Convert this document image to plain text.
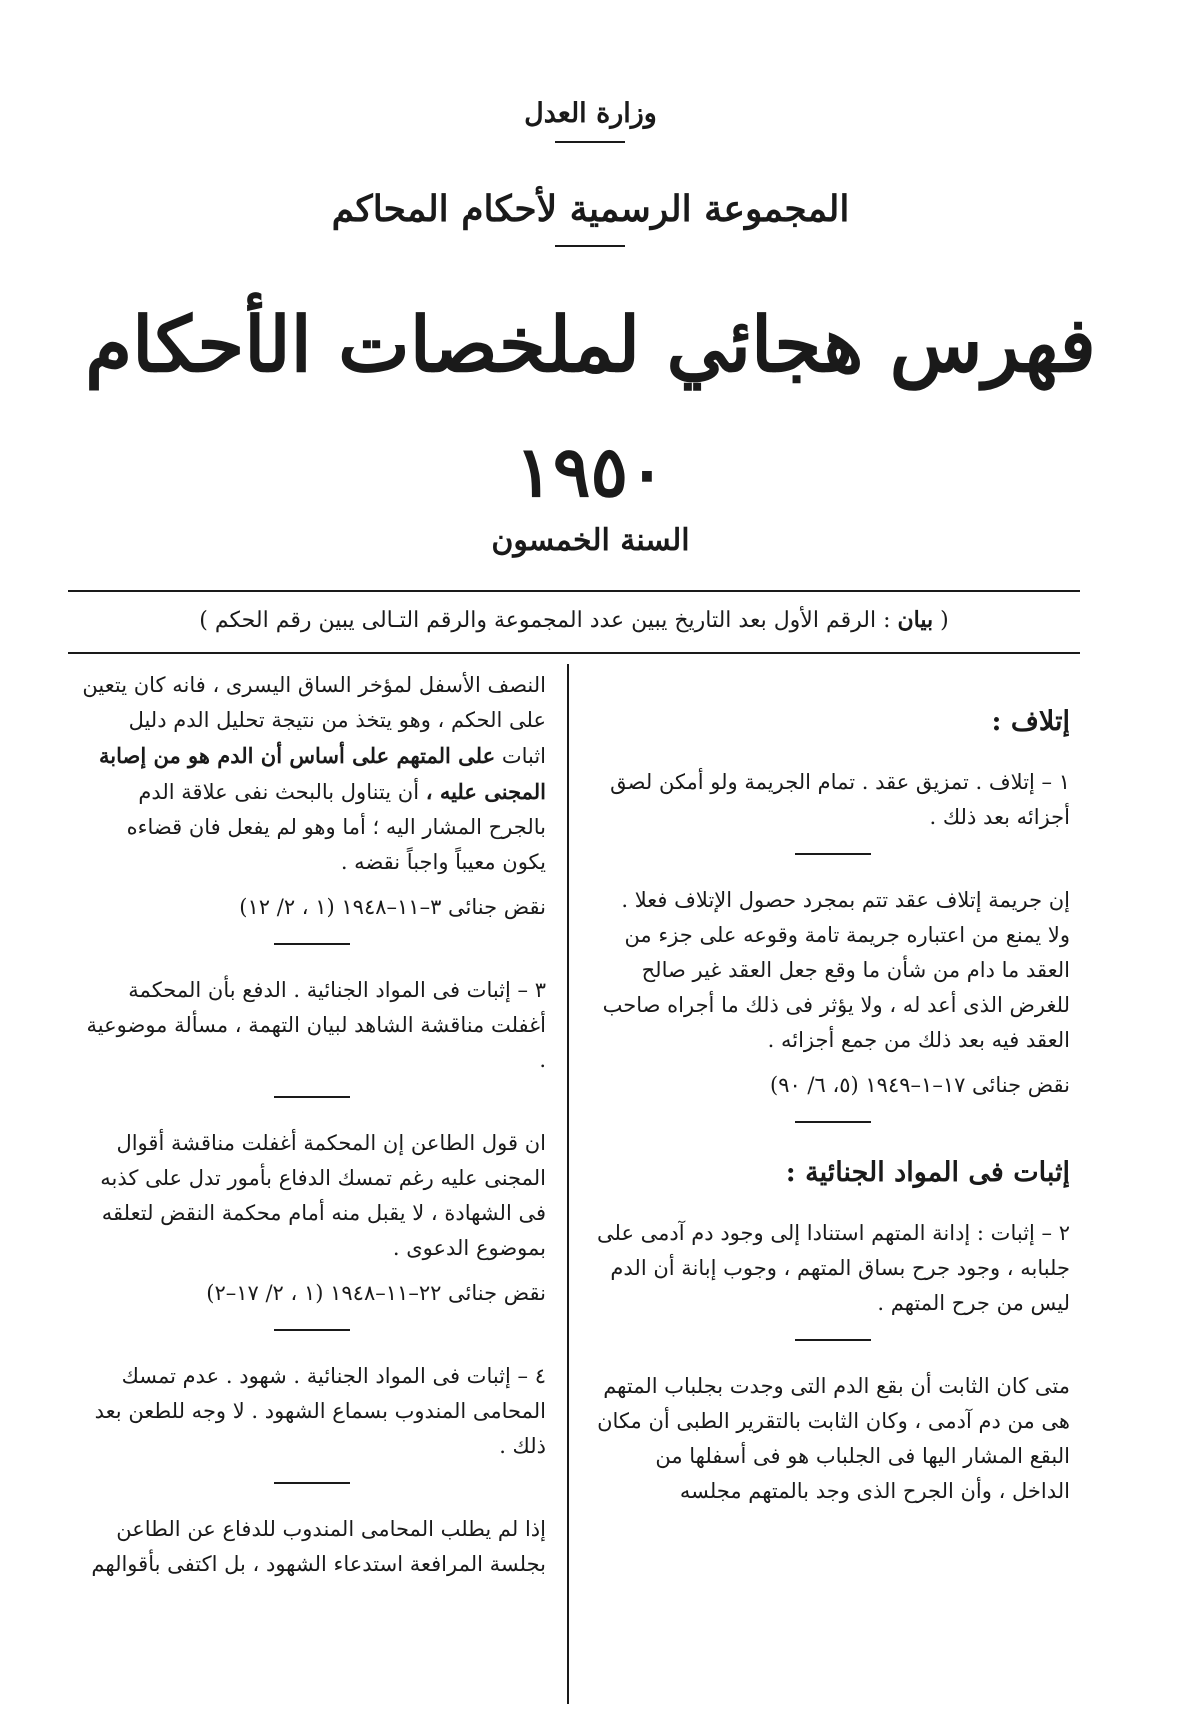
وزارة العدل
المجموعة الرسمية لأحكام المحاكم
فهرس هجائي لملخصات الأحكام
١٩٥٠
السنة الخمسون
( بيان : الرقم الأول بعد التاريخ يبين عدد المجموعة والرقم التـالى يبين رقم الحكم )

إتلاف :

١ – إتلاف . تمزيق عقد . تمام الجريمة ولو أمكن لصق أجزائه بعد ذلك .

إن جريمة إتلاف عقد تتم بمجرد حصول الإتلاف فعلا . ولا يمنع من اعتباره جريمة تامة وقوعه على جزء من العقد ما دام من شأن ما وقع جعل العقد غير صالح للغرض الذى أعد له ، ولا يؤثر فى ذلك ما أجراه صاحب العقد فيه بعد ذلك من جمع أجزائه .

نقض جنائى ١٧–١–١٩٤٩ (٥، ٦/ ٩٠)

إثبات فى المواد الجنائية :

٢ – إثبات : إدانة المتهم استنادا إلى وجود دم آدمى على جلبابه ، وجود جرح بساق المتهم ، وجوب إبانة أن الدم ليس من جرح المتهم .

متى كان الثابت أن بقع الدم التى وجدت بجلباب المتهم هى من دم آدمى ، وكان الثابت بالتقرير الطبى أن مكان البقع المشار اليها فى الجلباب هو فى أسفلها من الداخل ، وأن الجرح الذى وجد بالمتهم مجلسه

النصف الأسفل لمؤخر الساق اليسرى ، فانه كان يتعين على الحكم ، وهو يتخذ من نتيجة تحليل الدم دليل اثبات على المتهم على أساس أن الدم هو من إصابة المجنى عليه ، أن يتناول بالبحث نفى علاقة الدم بالجرح المشار اليه ؛ أما وهو لم يفعل فان قضاءه يكون معيباً واجباً نقضه .

نقض جنائى ٣–١١–١٩٤٨ (١ ، ٢/ ١٢)

٣ – إثبات فى المواد الجنائية . الدفع بأن المحكمة أغفلت مناقشة الشاهد لبيان التهمة ، مسألة موضوعية .

ان قول الطاعن إن المحكمة أغفلت مناقشة أقوال المجنى عليه رغم تمسك الدفاع بأمور تدل على كذبه فى الشهادة ، لا يقبل منه أمام محكمة النقض لتعلقه بموضوع الدعوى .

نقض جنائى ٢٢–١١–١٩٤٨ (١ ، ٢/ ١٧–٢)

٤ – إثبات فى المواد الجنائية . شهود . عدم تمسك المحامى المندوب بسماع الشهود . لا وجه للطعن بعد ذلك .

إذا لم يطلب المحامى المندوب للدفاع عن الطاعن بجلسة المرافعة استدعاء الشهود ، بل اكتفى بأقوالهم
